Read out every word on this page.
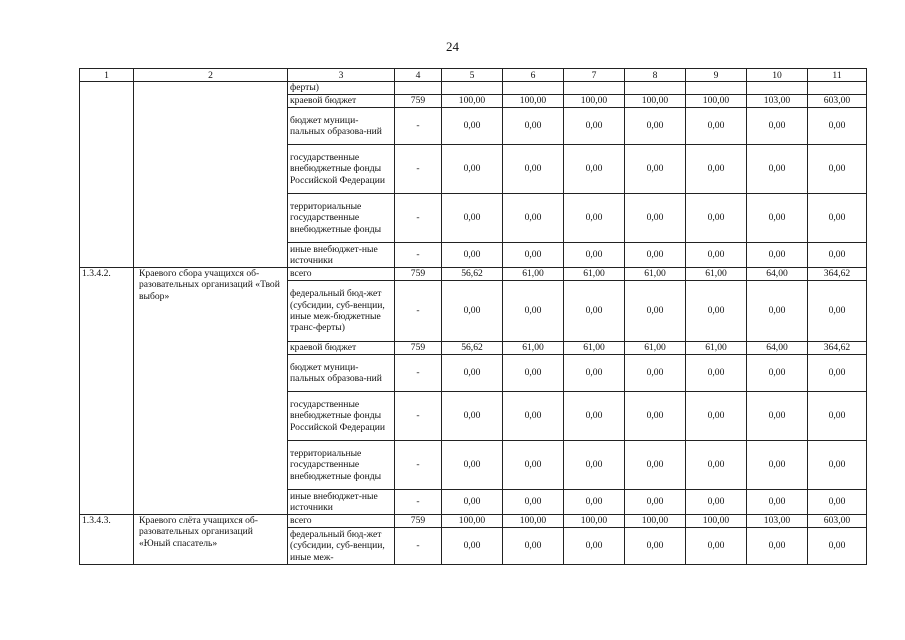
24
1	2	3	4	5	6	7	8	9	10	11
		ферты)								
		краевой бюджет	759	100,00	100,00	100,00	100,00	100,00	103,00	603,00
		бюджет муници-пальных образова-ний	-	0,00	0,00	0,00	0,00	0,00	0,00	0,00
		государственные внебюджетные фонды Российской Федерации	-	0,00	0,00	0,00	0,00	0,00	0,00	0,00
		территориальные государственные внебюджетные фонды	-	0,00	0,00	0,00	0,00	0,00	0,00	0,00
		иные внебюджет-ные источники	-	0,00	0,00	0,00	0,00	0,00	0,00	0,00
1.3.4.2.	Краевого сбора учащихся об-разовательных организаций «Твой выбор»	всего	759	56,62	61,00	61,00	61,00	61,00	64,00	364,62
		федеральный бюд-жет (субсидии, суб-венции, иные меж-бюджетные транс-ферты)	-	0,00	0,00	0,00	0,00	0,00	0,00	0,00
		краевой бюджет	759	56,62	61,00	61,00	61,00	61,00	64,00	364,62
		бюджет муници-пальных образова-ний	-	0,00	0,00	0,00	0,00	0,00	0,00	0,00
		государственные внебюджетные фонды Российской Федерации	-	0,00	0,00	0,00	0,00	0,00	0,00	0,00
		территориальные государственные внебюджетные фонды	-	0,00	0,00	0,00	0,00	0,00	0,00	0,00
		иные внебюджет-ные источники	-	0,00	0,00	0,00	0,00	0,00	0,00	0,00
1.3.4.3.	Краевого слёта учащихся об-разовательных организаций «Юный спасатель»	всего	759	100,00	100,00	100,00	100,00	100,00	103,00	603,00
		федеральный бюд-жет (субсидии, суб-венции, иные меж-	-	0,00	0,00	0,00	0,00	0,00	0,00	0,00
